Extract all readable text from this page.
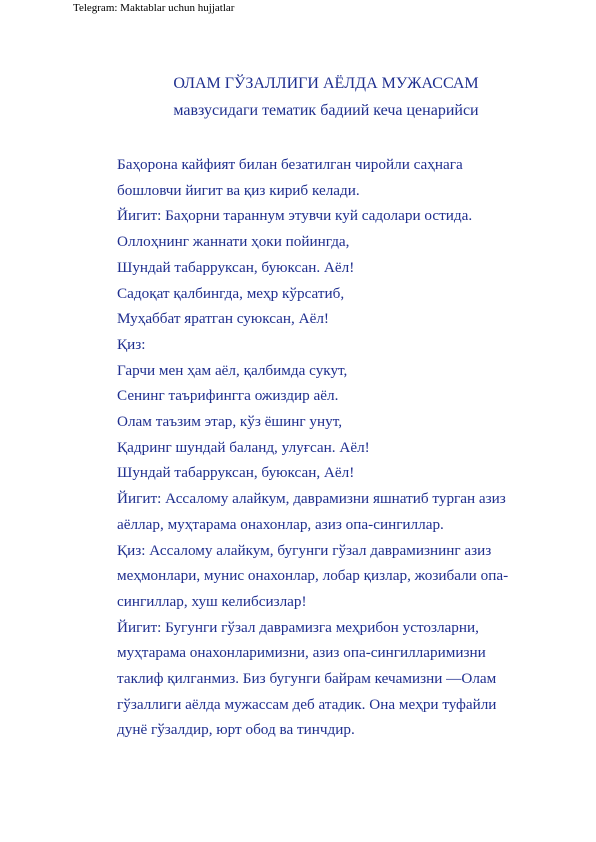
Telegram: Maktablar uchun hujjatlar
ОЛАМ ГЎЗАЛЛИГИ АЁЛДА МУЖАССАМ
мавзусидаги тематик бадиий кеча ценарийси
Баҳорона кайфият билан безатилган чиройли саҳнага
бошловчи йигит ва қиз кириб келади.
Йигит: Баҳорни тараннум этувчи куй садолари остида.
Оллоҳнинг жаннати ҳоки пойингда,
Шундай табарруксан, буюксан. Аёл!
Садоқат қалбингда, меҳр кўрсатиб,
Муҳаббат яратган суюксан, Аёл!
Қиз:
Гарчи мен ҳам аёл, қалбимда сукут,
Сенинг таърифингга ожиздир аёл.
Олам таъзим этар, кўз ёшинг унут,
Қадринг шундай баланд, улуғсан. Аёл!
Шундай табарруксан, буюксан, Аёл!
Йигит: Ассалому алайкум, даврамизни яшнатиб турган азиз
аёллар, муҳтарама онахонлар, азиз опа-сингиллар.
Қиз: Ассалому алайкум, бугунги гўзал даврамизнинг азиз
меҳмонлари, мунис онахонлар, лобар қизлар, жозибали опа-
сингиллар, хуш келибсизлар!
Йигит: Бугунги гўзал даврамизга меҳрибон устозларни,
муҳтарама онахонларимизни, азиз опа-сингилларимизни
таклиф қилганмиз. Биз бугунги байрам кечамизни —Олам
гўзаллиги аёлда мужассам деб атадик. Она меҳри туфайли
дунё гўзалдир, юрт обод ва тинчдир.
